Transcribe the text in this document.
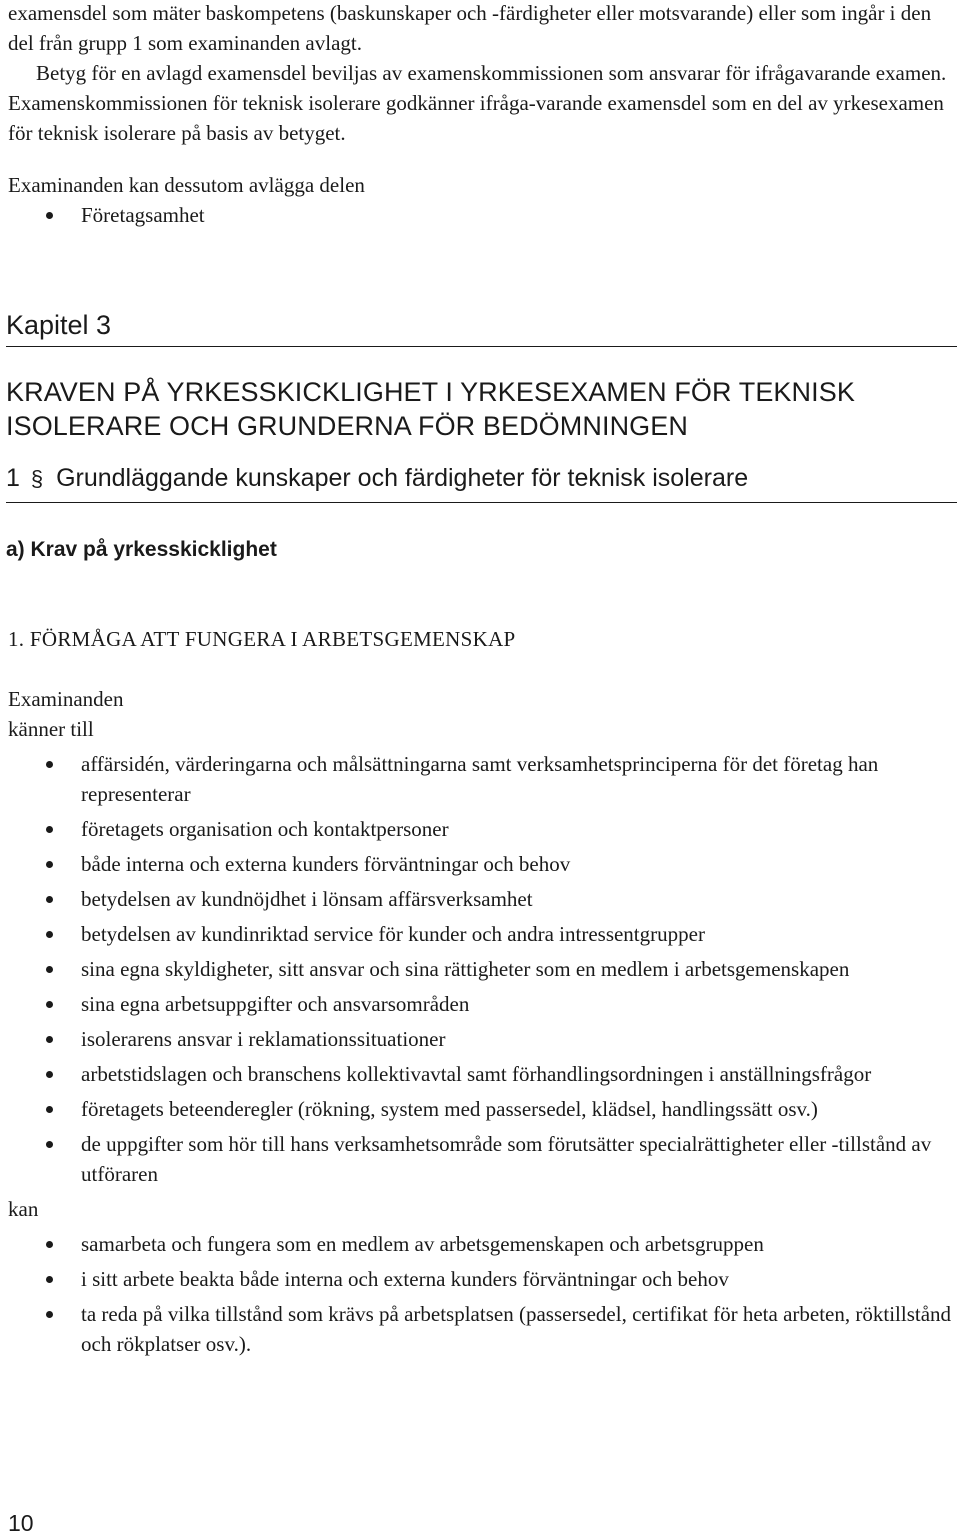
examensdel som mäter baskompetens (baskunskaper och -färdigheter eller motsvarande) eller som ingår i den del från grupp 1 som examinanden avlagt.

Betyg för en avlagd examensdel beviljas av examenskommissionen som ansvarar för ifrågavarande examen. Examenskommissionen för teknisk isolerare godkänner ifråga-varande examensdel som en del av yrkesexamen för teknisk isolerare på basis av betyget.

Examinanden kan dessutom avlägga delen

Företagsamhet
Kapitel 3
KRAVEN PÅ YRKESSKICKLIGHET I YRKESEXAMEN FÖR TEKNISK ISOLERARE OCH GRUNDERNA FÖR BEDÖMNINGEN
1 § Grundläggande kunskaper och färdigheter för teknisk isolerare
a) Krav på yrkesskicklighet

1. FÖRMÅGA ATT FUNGERA I ARBETSGEMENSKAP

Examinanden

känner till

affärsidén, värderingarna och målsättningarna samt verksamhetsprinciperna för det företag han representerar
företagets organisation och kontaktpersoner
både interna och externa kunders förväntningar och behov
betydelsen av kundnöjdhet i lönsam affärsverksamhet
betydelsen av kundinriktad service för kunder och andra intressentgrupper
sina egna skyldigheter, sitt ansvar och sina rättigheter som en medlem i arbetsgemenskapen
sina egna arbetsuppgifter och ansvarsområden
isolerarens ansvar i reklamationssituationer
arbetstidslagen och branschens kollektivavtal samt förhandlingsordningen i anställningsfrågor
företagets beteenderegler (rökning, system med passersedel, klädsel, handlingssätt osv.)
de uppgifter som hör till hans verksamhetsområde som förutsätter specialrättigheter eller -tillstånd av utföraren

kan

samarbeta och fungera som en medlem av arbetsgemenskapen och arbetsgruppen
i sitt arbete beakta både interna och externa kunders förväntningar och behov
ta reda på vilka tillstånd som krävs på arbetsplatsen (passersedel, certifikat för heta arbeten, röktillstånd och rökplatser osv.).
10
